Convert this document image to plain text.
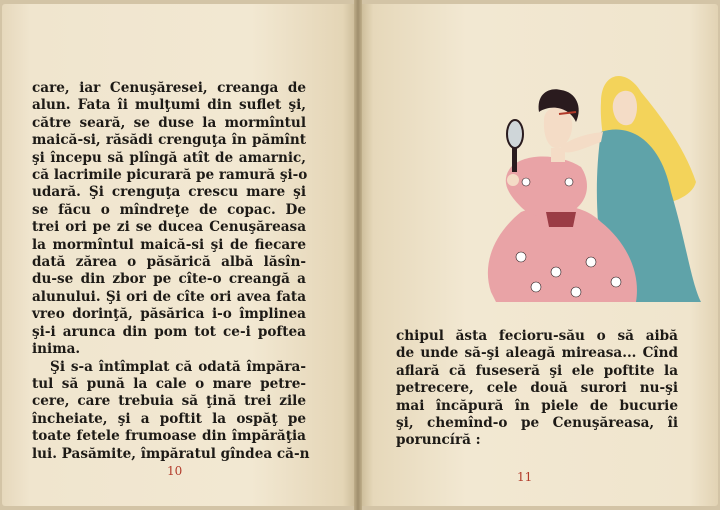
care, iar Cenuşăresei, creanga de
alun. Fata îi mulţumi din suflet şi,
către seară, se duse la mormîntul
maică-si, răsădi crenguţa în pămînt
şi începu să plîngă atît de amarnic,
că lacrimile picurară pe ramură şi-o
udară. Şi crenguţa crescu mare şi
se făcu o mîndreţe de copac. De
trei ori pe zi se ducea Cenuşăreasa
la mormîntul maică-si şi de fiecare
dată zărea o păsărică albă lăsîn-
du-se din zbor pe cîte-o creangă a
alunului. Şi ori de cîte ori avea fata
vreo dorinţă, păsărica i-o împlinea
şi-i arunca din pom tot ce-i poftea
inima.

Şi s-a întîmplat că odată împăra-

tul să pună la cale o mare petre-
cere, care trebuia să ţină trei zile
încheiate, şi a poftit la ospăţ pe
toate fetele frumoase din împărăţia
lui. Pasămite, împăratul gîndea că-n

10

chipul ăsta fecioru-său o să aibă
de unde să-şi aleagă mireasa... Cînd
aflară că fuseseră şi ele poftite la
petrecere, cele două surori nu-şi
mai încăpură în piele de bucurie
şi, chemînd-o pe Cenuşăreasa, îi
poruncíră :

11
